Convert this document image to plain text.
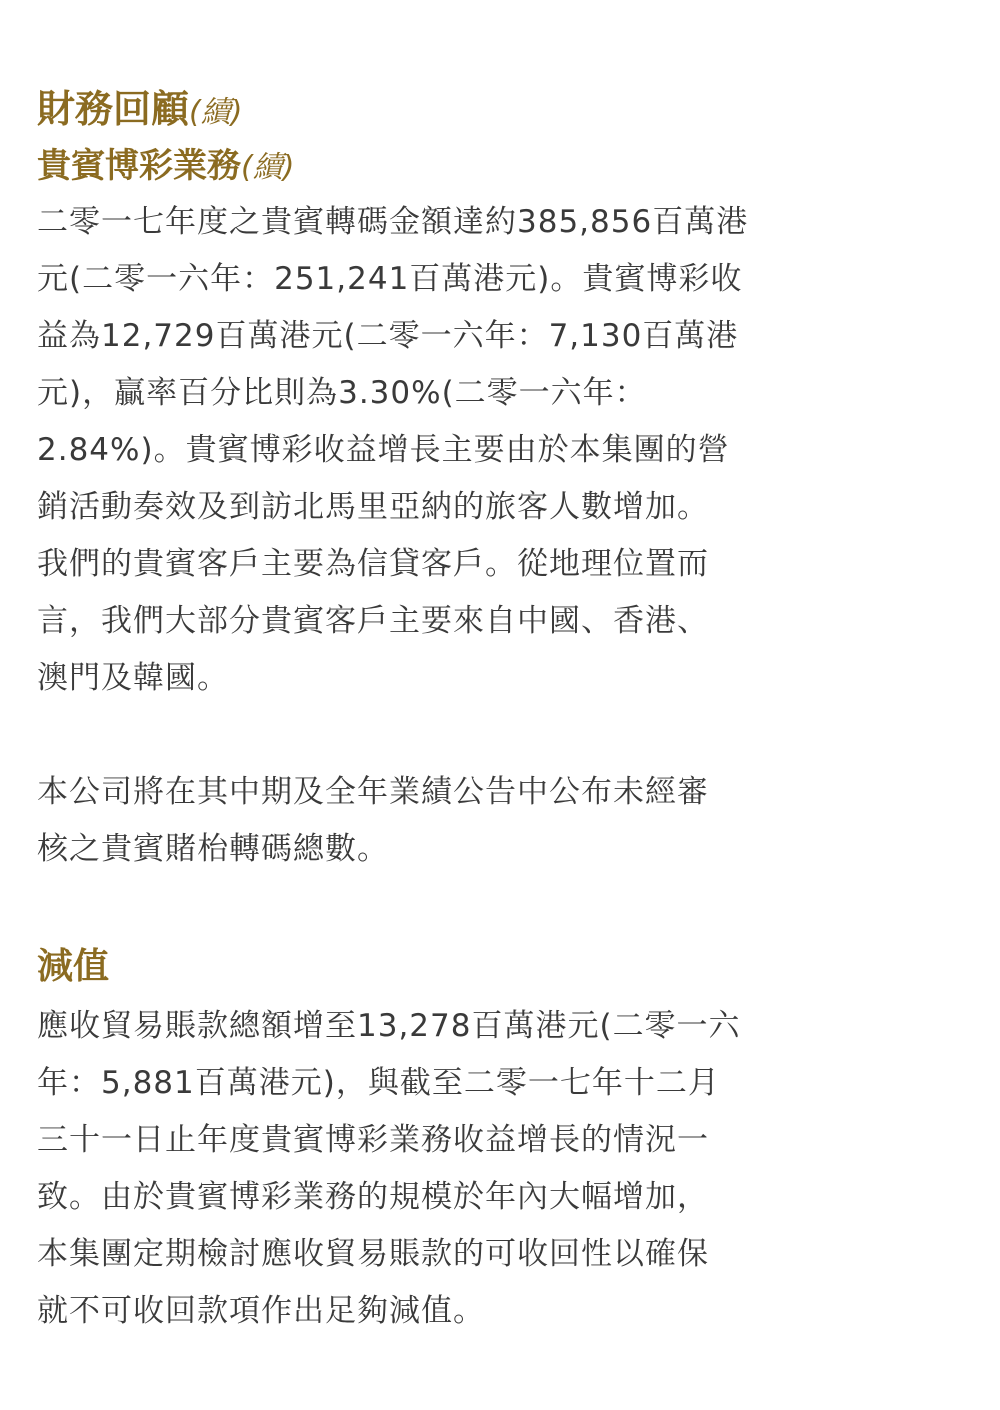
財務回顧(續)
貴賓博彩業務(續)
二零一七年度之貴賓轉碼金額達約385,856百萬港
元(二零一六年：251,241百萬港元)。貴賓博彩收
益為12,729百萬港元(二零一六年：7,130百萬港
元)，贏率百分比則為3.30%(二零一六年：
2.84%)。貴賓博彩收益增長主要由於本集團的營
銷活動奏效及到訪北馬里亞納的旅客人數增加。
我們的貴賓客戶主要為信貸客戶。從地理位置而
言，我們大部分貴賓客戶主要來自中國、香港、
澳門及韓國。
本公司將在其中期及全年業績公告中公布未經審
核之貴賓賭枱轉碼總數。
減值
應收貿易賬款總額增至13,278百萬港元(二零一六
年：5,881百萬港元)，與截至二零一七年十二月
三十一日止年度貴賓博彩業務收益增長的情況一
致。由於貴賓博彩業務的規模於年內大幅增加，
本集團定期檢討應收貿易賬款的可收回性以確保
就不可收回款項作出足夠減值。
